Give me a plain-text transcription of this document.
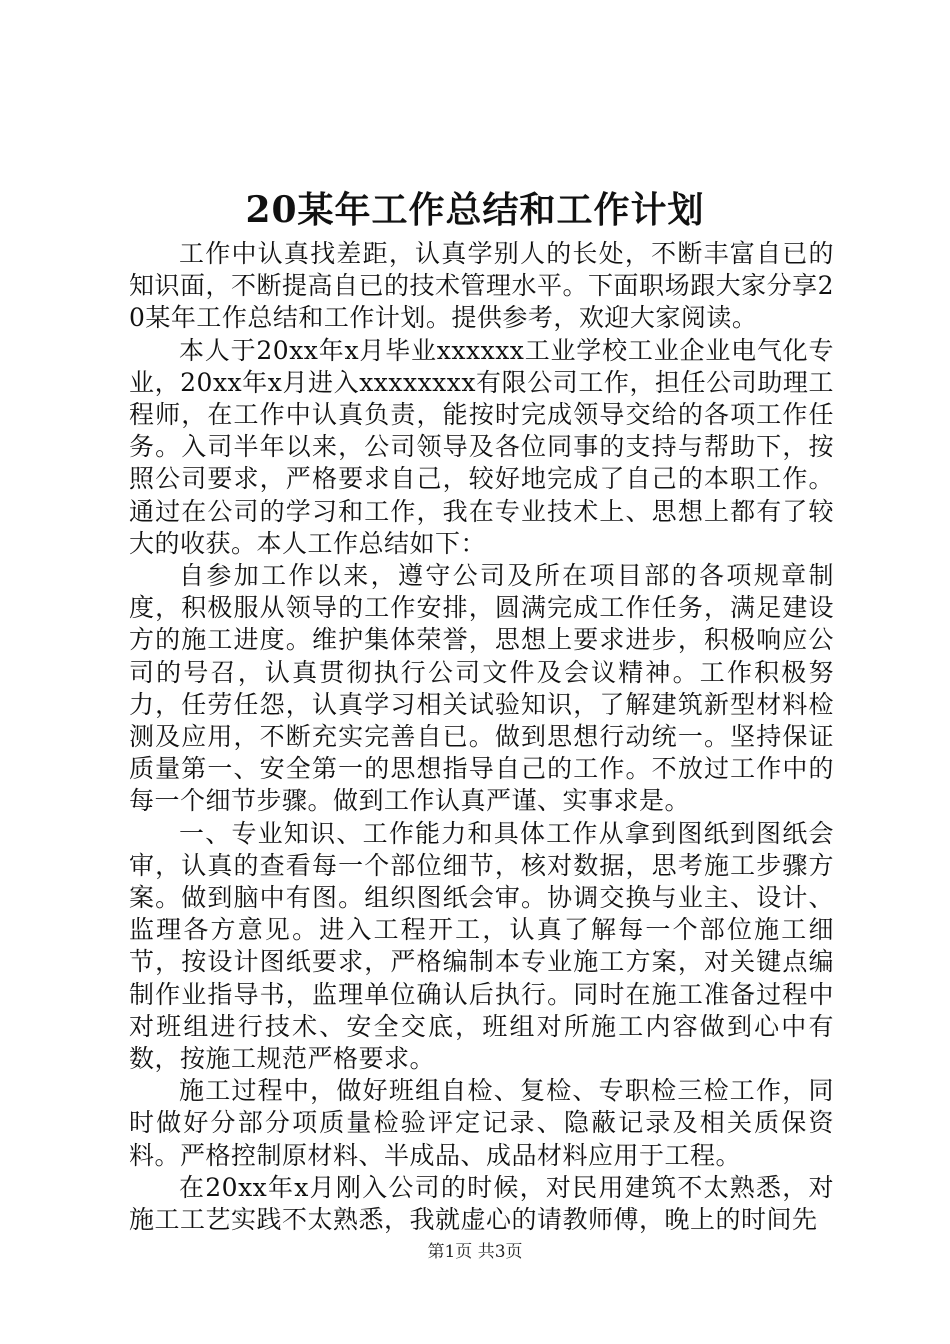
20某年工作总结和工作计划

工作中认真找差距，认真学别人的长处，不断丰富自已的知识面，不断提高自已的技术管理水平。下面职场跟大家分享20某年工作总结和工作计划。提供参考，欢迎大家阅读。

本人于20xx年x月毕业xxxxxx工业学校工业企业电气化专业，20xx年x月进入xxxxxxxx有限公司工作，担任公司助理工程师，在工作中认真负责，能按时完成领导交给的各项工作任务。入司半年以来，公司领导及各位同事的支持与帮助下，按照公司要求，严格要求自己，较好地完成了自己的本职工作。通过在公司的学习和工作，我在专业技术上、思想上都有了较大的收获。本人工作总结如下：

自参加工作以来，遵守公司及所在项目部的各项规章制度，积极服从领导的工作安排，圆满完成工作任务，满足建设方的施工进度。维护集体荣誉，思想上要求进步，积极响应公司的号召，认真贯彻执行公司文件及会议精神。工作积极努力，任劳任怨，认真学习相关试验知识，了解建筑新型材料检测及应用，不断充实完善自已。做到思想行动统一。坚持保证质量第一、安全第一的思想指导自己的工作。不放过工作中的每一个细节步骤。做到工作认真严谨、实事求是。

一、专业知识、工作能力和具体工作从拿到图纸到图纸会审，认真的查看每一个部位细节，核对数据，思考施工步骤方案。做到脑中有图。组织图纸会审。协调交换与业主、设计、监理各方意见。进入工程开工，认真了解每一个部位施工细节，按设计图纸要求，严格编制本专业施工方案，对关键点编制作业指导书，监理单位确认后执行。同时在施工准备过程中对班组进行技术、安全交底，班组对所施工内容做到心中有数，按施工规范严格要求。

施工过程中，做好班组自检、复检、专职检三检工作，同时做好分部分项质量检验评定记录、隐蔽记录及相关质保资料。严格控制原材料、半成品、成品材料应用于工程。

在20xx年x月刚入公司的时候，对民用建筑不太熟悉，对施工工艺实践不太熟悉，我就虚心的请教师傅，晚上的时间先

第1页 共3页
